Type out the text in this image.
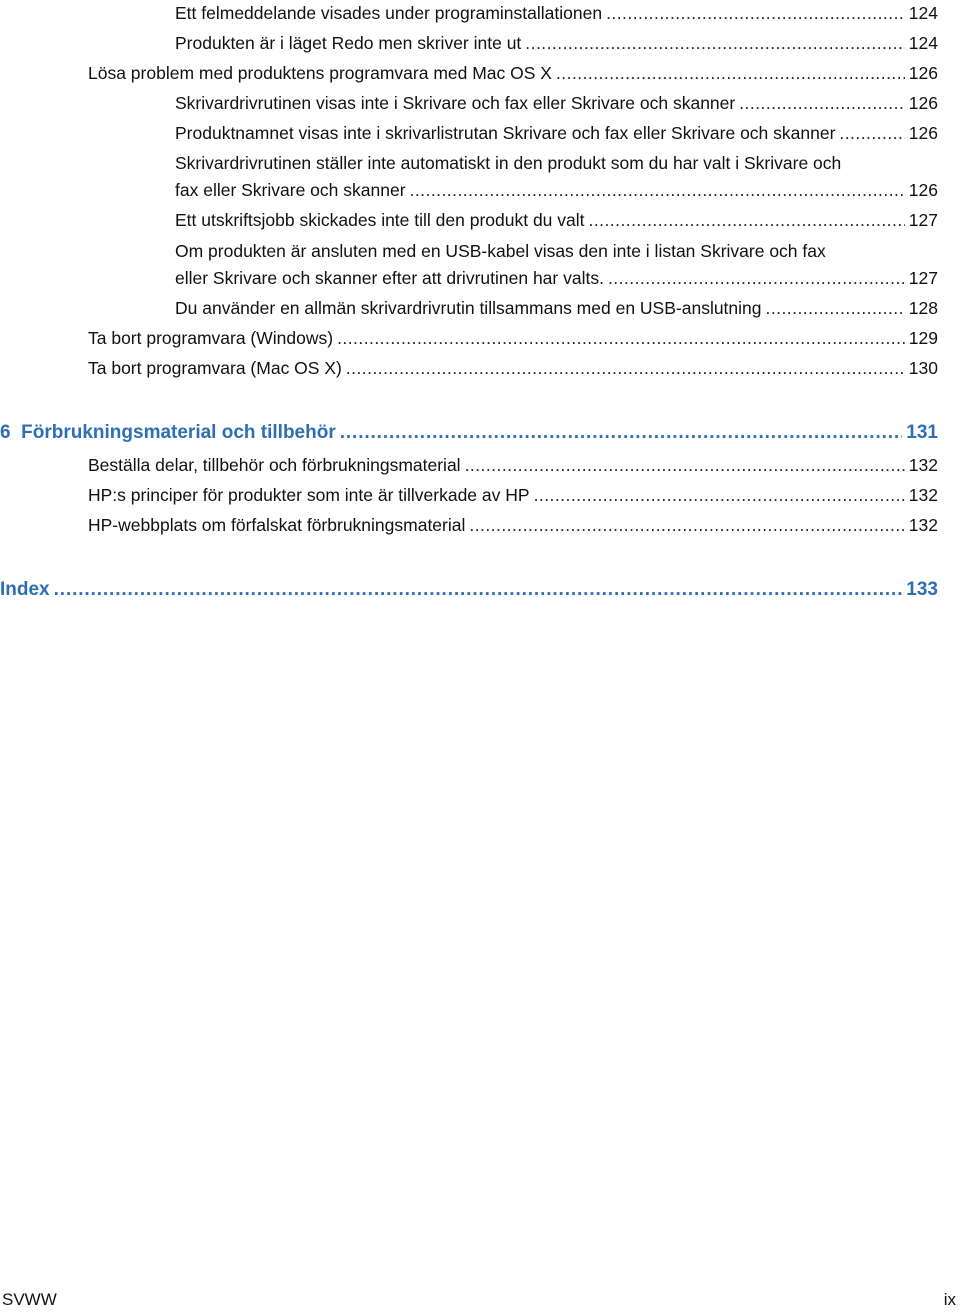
Ett felmeddelande visades under programinstallationen . . .	124
Produkten är i läget Redo men skriver inte ut . . .	124
Lösa problem med produktens programvara med Mac OS X . . .	126
Skrivardrivrutinen visas inte i Skrivare och fax eller Skrivare och skanner . . .	126
Produktnamnet visas inte i skrivarlistrutan Skrivare och fax eller Skrivare och skanner . . .	126
Skrivardrivrutinen ställer inte automatiskt in den produkt som du har valt i Skrivare och
fax eller Skrivare och skanner . . .	126
Ett utskriftsjobb skickades inte till den produkt du valt . . .	127
Om produkten är ansluten med en USB-kabel visas den inte i listan Skrivare och fax
eller Skrivare och skanner efter att drivrutinen har valts. . . .	127
Du använder en allmän skrivardrivrutin tillsammans med en USB-anslutning . . .	128
Ta bort programvara (Windows) . . .	129
Ta bort programvara (Mac OS X) . . .	130
6  Förbrukningsmaterial och tillbehör . . .	131
Beställa delar, tillbehör och förbrukningsmaterial . . .	132
HP:s principer för produkter som inte är tillverkade av HP . . .	132
HP-webbplats om förfalskat förbrukningsmaterial . . .	132
Index . . .	133
SVWW	ix
